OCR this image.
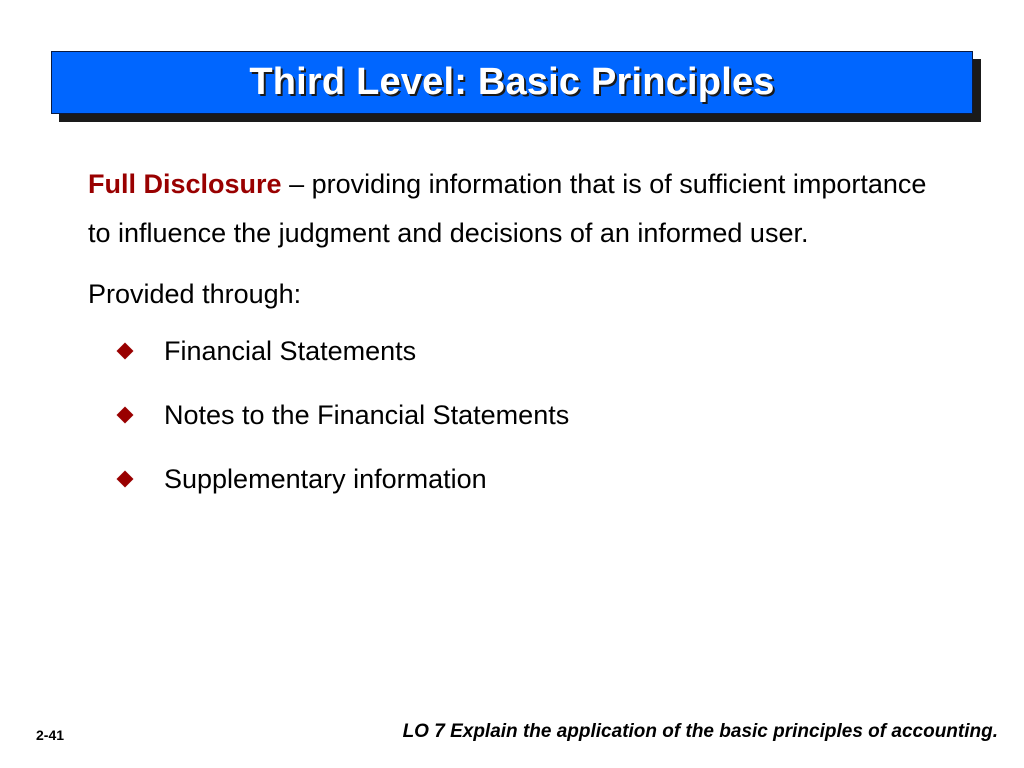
Third Level: Basic Principles

Full Disclosure – providing information that is of sufficient importance to influence the judgment and decisions of an informed user.

Provided through:

Financial Statements
Notes to the Financial Statements
Supplementary information
2-41	LO 7 Explain the application of the basic principles of accounting.
